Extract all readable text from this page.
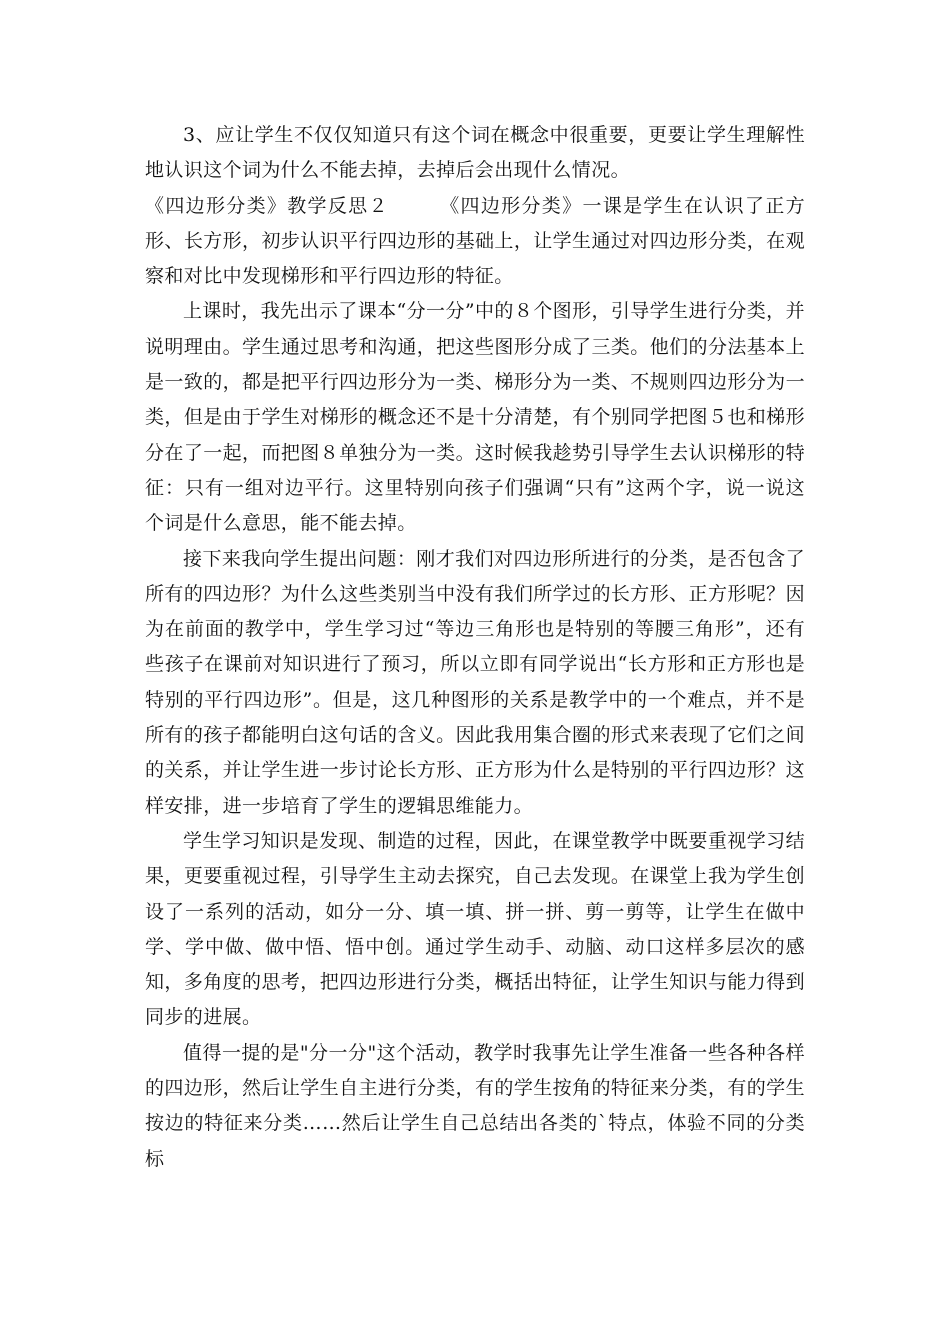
3、应让学生不仅仅知道只有这个词在概念中很重要，更要让学生理解性地认识这个词为什么不能去掉，去掉后会出现什么情况。

《四边形分类》教学反思２　　　《四边形分类》一课是学生在认识了正方形、长方形，初步认识平行四边形的基础上，让学生通过对四边形分类，在观察和对比中发现梯形和平行四边形的特征。

上课时，我先出示了课本“分一分”中的８个图形，引导学生进行分类，并说明理由。学生通过思考和沟通，把这些图形分成了三类。他们的分法基本上是一致的，都是把平行四边形分为一类、梯形分为一类、不规则四边形分为一类，但是由于学生对梯形的概念还不是十分清楚，有个别同学把图５也和梯形分在了一起，而把图８单独分为一类。这时候我趁势引导学生去认识梯形的特征：只有一组对边平行。这里特别向孩子们强调“只有”这两个字，说一说这个词是什么意思，能不能去掉。

接下来我向学生提出问题：刚才我们对四边形所进行的分类，是否包含了所有的四边形？为什么这些类别当中没有我们所学过的长方形、正方形呢？因为在前面的教学中，学生学习过“等边三角形也是特别的等腰三角形”，还有些孩子在课前对知识进行了预习，所以立即有同学说出“长方形和正方形也是特别的平行四边形”。但是，这几种图形的关系是教学中的一个难点，并不是所有的孩子都能明白这句话的含义。因此我用集合圈的形式来表现了它们之间的关系，并让学生进一步讨论长方形、正方形为什么是特别的平行四边形？这样安排，进一步培育了学生的逻辑思维能力。

学生学习知识是发现、制造的过程，因此，在课堂教学中既要重视学习结果，更要重视过程，引导学生主动去探究，自己去发现。在课堂上我为学生创设了一系列的活动，如分一分、填一填、拼一拼、剪一剪等，让学生在做中学、学中做、做中悟、悟中创。通过学生动手、动脑、动口这样多层次的感知，多角度的思考，把四边形进行分类，概括出特征，让学生知识与能力得到同步的进展。

值得一提的是"分一分"这个活动，教学时我事先让学生准备一些各种各样的四边形，然后让学生自主进行分类，有的学生按角的特征来分类，有的学生按边的特征来分类……然后让学生自己总结出各类的`特点，体验不同的分类标
